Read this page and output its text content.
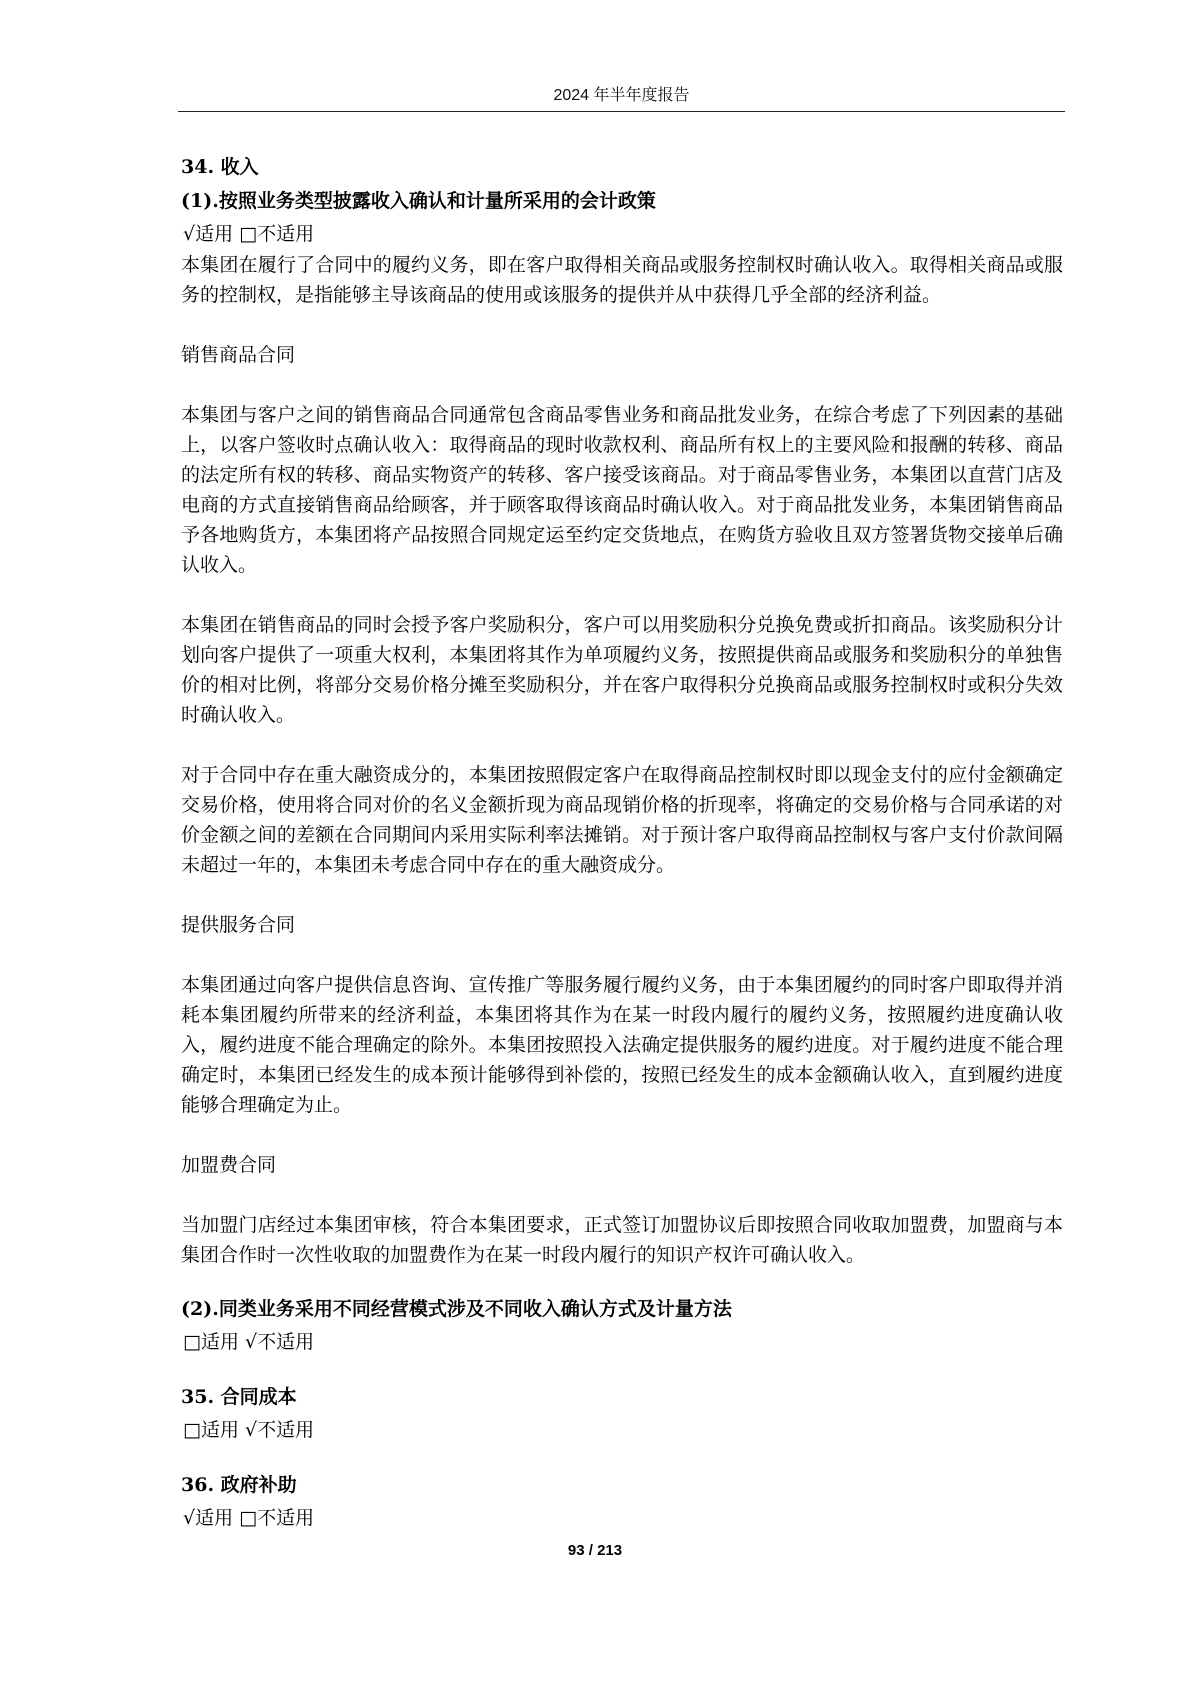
2024 年半年度报告

34. 收入

(1).按照业务类型披露收入确认和计量所采用的会计政策

√适用 □不适用

本集团在履行了合同中的履约义务，即在客户取得相关商品或服务控制权时确认收入。取得相关商品或服务的控制权，是指能够主导该商品的使用或该服务的提供并从中获得几乎全部的经济利益。

销售商品合同

本集团与客户之间的销售商品合同通常包含商品零售业务和商品批发业务，在综合考虑了下列因素的基础上，以客户签收时点确认收入：取得商品的现时收款权利、商品所有权上的主要风险和报酬的转移、商品的法定所有权的转移、商品实物资产的转移、客户接受该商品。对于商品零售业务，本集团以直营门店及电商的方式直接销售商品给顾客，并于顾客取得该商品时确认收入。对于商品批发业务，本集团销售商品予各地购货方，本集团将产品按照合同规定运至约定交货地点，在购货方验收且双方签署货物交接单后确认收入。

本集团在销售商品的同时会授予客户奖励积分，客户可以用奖励积分兑换免费或折扣商品。该奖励积分计划向客户提供了一项重大权利，本集团将其作为单项履约义务，按照提供商品或服务和奖励积分的单独售价的相对比例，将部分交易价格分摊至奖励积分，并在客户取得积分兑换商品或服务控制权时或积分失效时确认收入。

对于合同中存在重大融资成分的，本集团按照假定客户在取得商品控制权时即以现金支付的应付金额确定交易价格，使用将合同对价的名义金额折现为商品现销价格的折现率，将确定的交易价格与合同承诺的对价金额之间的差额在合同期间内采用实际利率法摊销。对于预计客户取得商品控制权与客户支付价款间隔未超过一年的，本集团未考虑合同中存在的重大融资成分。

提供服务合同

本集团通过向客户提供信息咨询、宣传推广等服务履行履约义务，由于本集团履约的同时客户即取得并消耗本集团履约所带来的经济利益，本集团将其作为在某一时段内履行的履约义务，按照履约进度确认收入，履约进度不能合理确定的除外。本集团按照投入法确定提供服务的履约进度。对于履约进度不能合理确定时，本集团已经发生的成本预计能够得到补偿的，按照已经发生的成本金额确认收入，直到履约进度能够合理确定为止。

加盟费合同

当加盟门店经过本集团审核，符合本集团要求，正式签订加盟协议后即按照合同收取加盟费，加盟商与本集团合作时一次性收取的加盟费作为在某一时段内履行的知识产权许可确认收入。

(2).同类业务采用不同经营模式涉及不同收入确认方式及计量方法

□适用 √不适用

35. 合同成本

□适用 √不适用

36. 政府补助

√适用 □不适用

93 / 213
